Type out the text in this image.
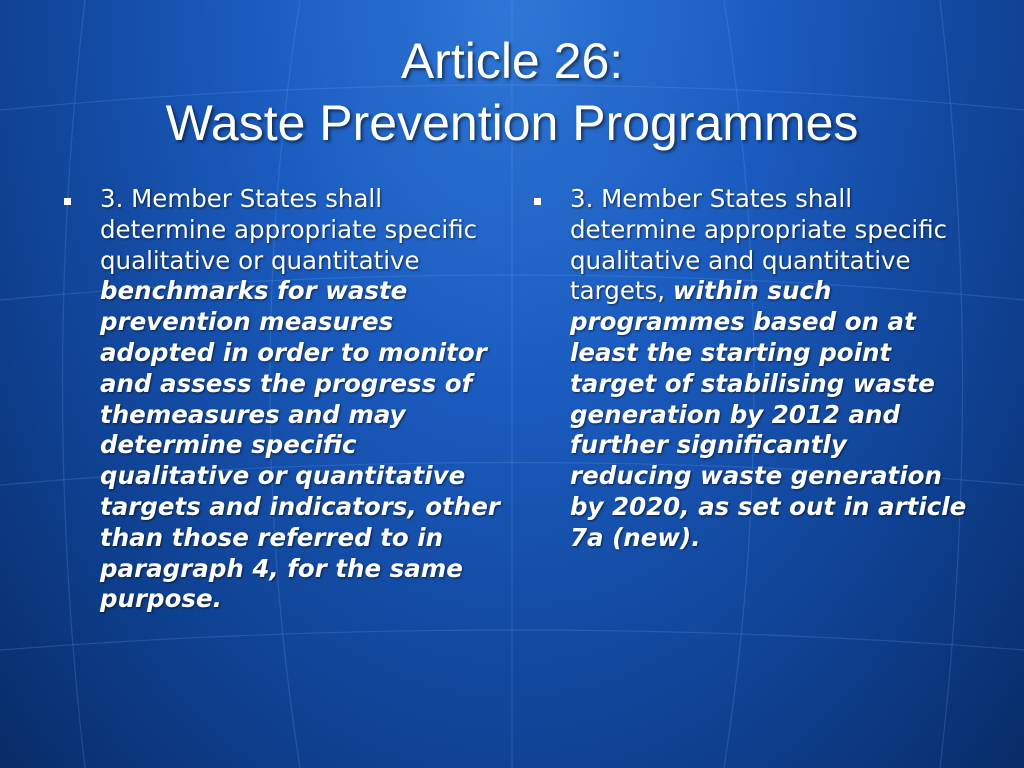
Article 26:
Waste Prevention Programmes

3. Member States shall determine appropriate specific qualitative or quantitative benchmarks for waste prevention measures adopted in order to monitor and assess the progress of themeasures and may determine specific qualitative or quantitative targets and indicators, other than those referred to in paragraph 4, for the same purpose.

3. Member States shall determine appropriate specific qualitative and quantitative targets, within such programmes based on at least the starting point target of stabilising waste generation by 2012 and further significantly reducing waste generation by 2020, as set out in article 7a (new).
